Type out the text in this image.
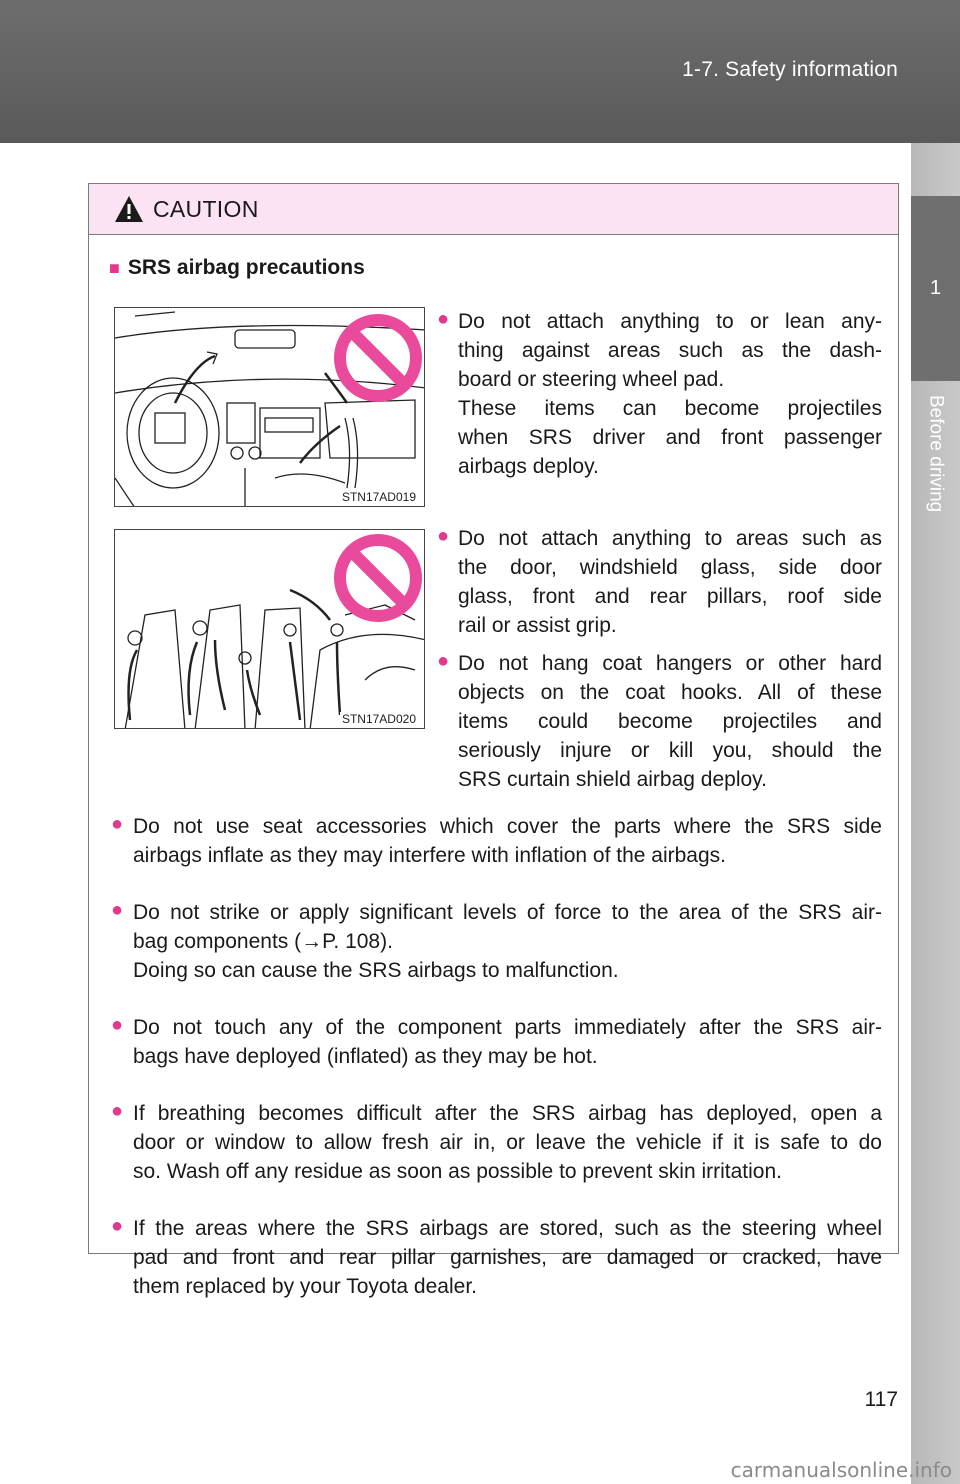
1-7. Safety information
1
Before driving
CAUTION
■ SRS airbag precautions
STN17AD019
STN17AD020
● Do not attach anything to or lean any-
thing against areas such as the dash-
board or steering wheel pad.
These items can become projectiles
when SRS driver and front passenger
airbags deploy.
● Do not attach anything to areas such as
the door, windshield glass, side door
glass, front and rear pillars, roof side
rail or assist grip.
● Do not hang coat hangers or other hard
objects on the coat hooks. All of these
items could become projectiles and
seriously injure or kill you, should the
SRS curtain shield airbag deploy.
● Do not use seat accessories which cover the parts where the SRS side
airbags inflate as they may interfere with inflation of the airbags.
● Do not strike or apply significant levels of force to the area of the SRS air-
bag components (→P. 108).
Doing so can cause the SRS airbags to malfunction.
● Do not touch any of the component parts immediately after the SRS air-
bags have deployed (inflated) as they may be hot.
● If breathing becomes difficult after the SRS airbag has deployed, open a
door or window to allow fresh air in, or leave the vehicle if it is safe to do
so. Wash off any residue as soon as possible to prevent skin irritation.
● If the areas where the SRS airbags are stored, such as the steering wheel
pad and front and rear pillar garnishes, are damaged or cracked, have
them replaced by your Toyota dealer.
117
carmanualsonline.info
